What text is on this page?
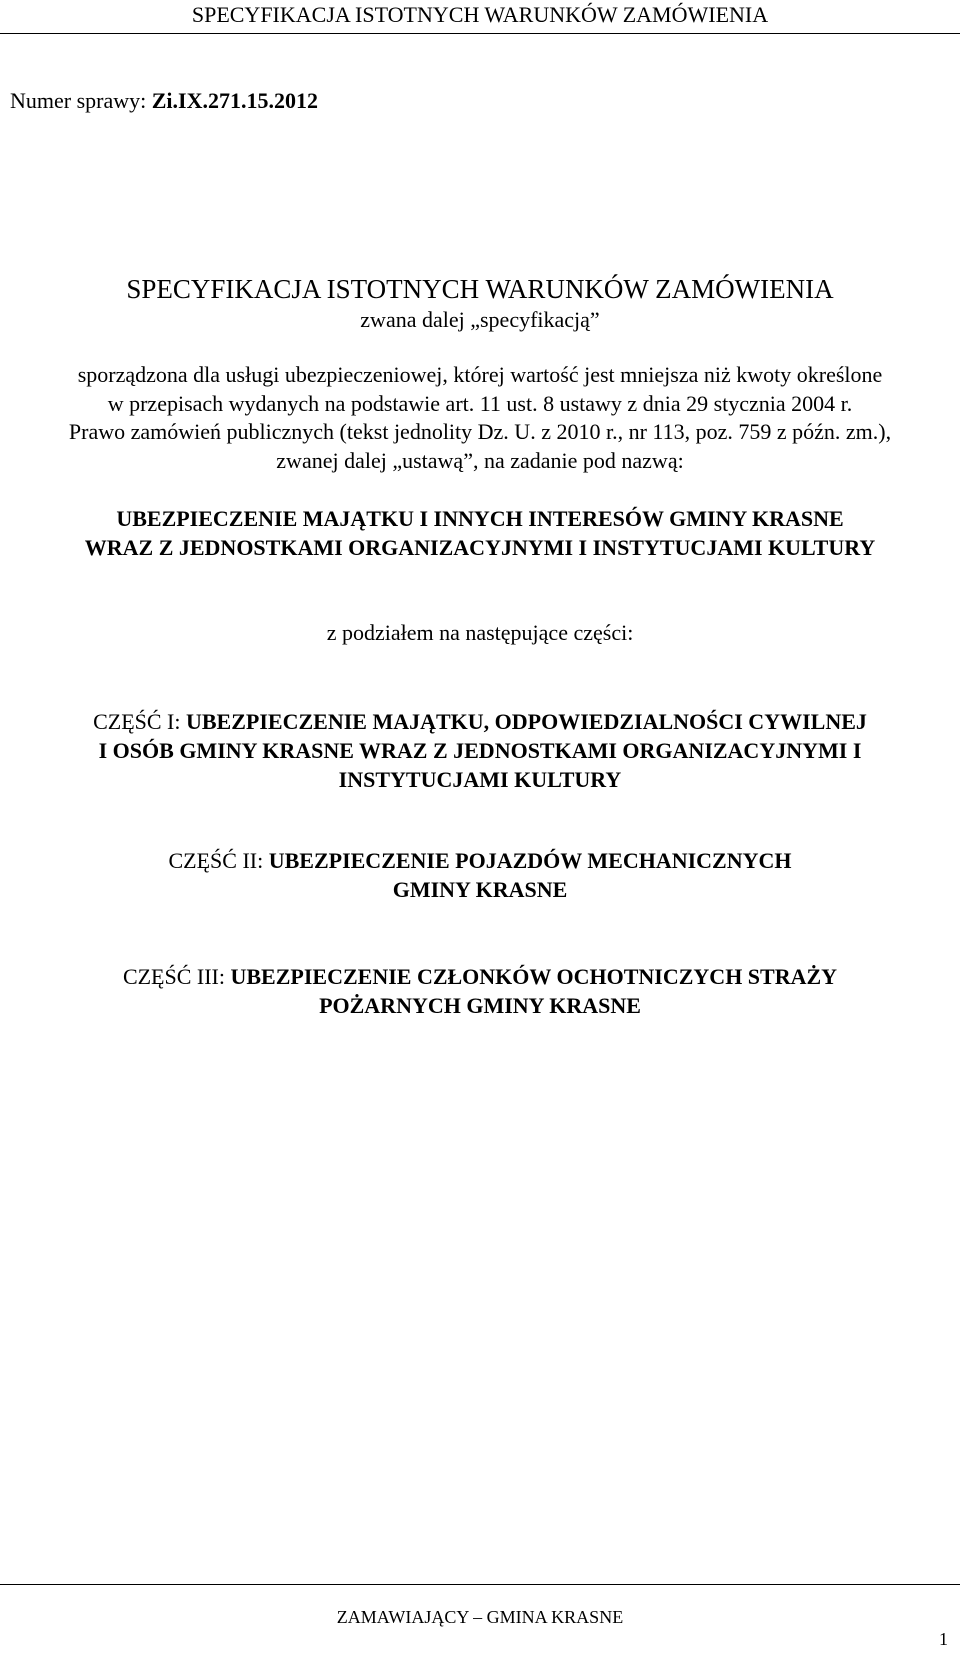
SPECYFIKACJA ISTOTNYCH WARUNKÓW ZAMÓWIENIA
Numer sprawy: Zi.IX.271.15.2012
SPECYFIKACJA ISTOTNYCH WARUNKÓW ZAMÓWIENIA
zwana dalej „specyfikacją”
sporządzona dla usługi ubezpieczeniowej, której wartość jest mniejsza niż kwoty określone
w przepisach wydanych na podstawie art. 11 ust. 8 ustawy z dnia 29 stycznia 2004 r.
Prawo zamówień publicznych (tekst jednolity Dz. U. z 2010 r., nr 113, poz. 759 z późn. zm.),
zwanej dalej „ustawą”, na zadanie pod nazwą:
UBEZPIECZENIE MAJĄTKU I INNYCH INTERESÓW GMINY KRASNE
WRAZ Z JEDNOSTKAMI ORGANIZACYJNYMI I INSTYTUCJAMI KULTURY
z podziałem na następujące części:
CZĘŚĆ I: UBEZPIECZENIE MAJĄTKU, ODPOWIEDZIALNOŚCI CYWILNEJ
I OSÓB GMINY KRASNE WRAZ Z JEDNOSTKAMI ORGANIZACYJNYMI I
INSTYTUCJAMI KULTURY
CZĘŚĆ II: UBEZPIECZENIE POJAZDÓW MECHANICZNYCH
GMINY KRASNE
CZĘŚĆ III: UBEZPIECZENIE CZŁONKÓW OCHOTNICZYCH STRAŻY
POŻARNYCH GMINY KRASNE
ZAMAWIAJĄCY – GMINA KRASNE
1
